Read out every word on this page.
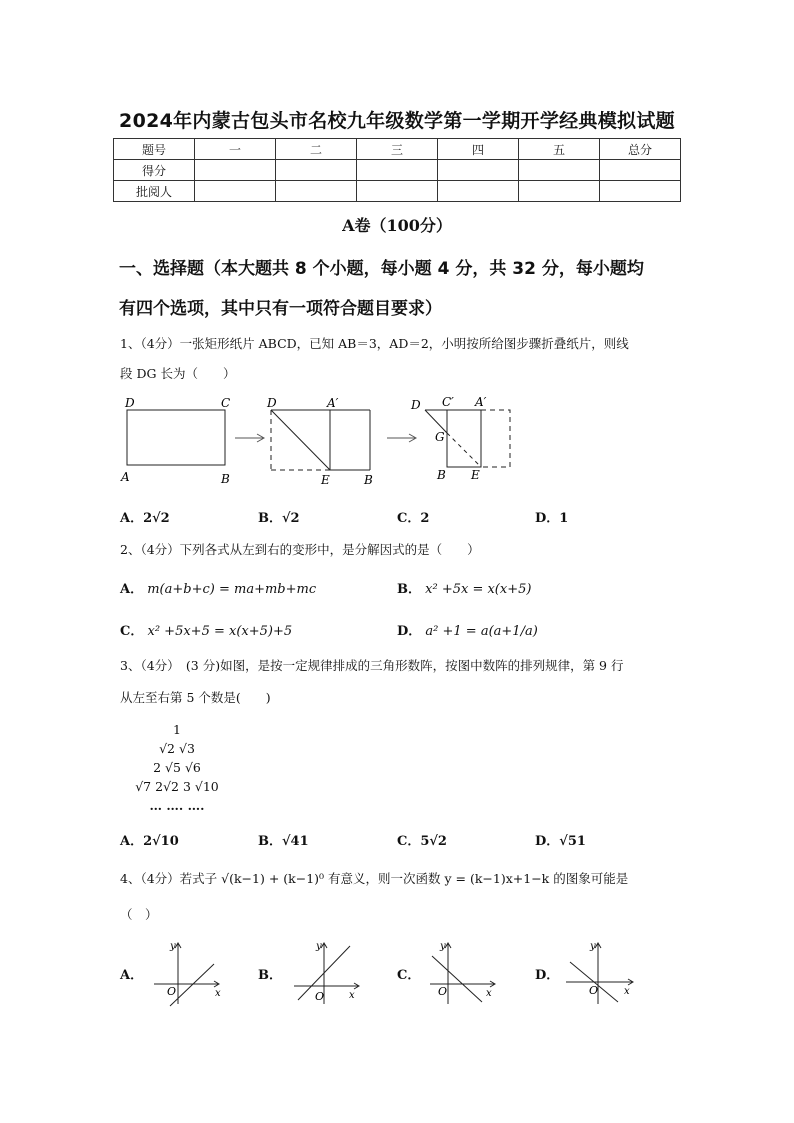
2024年内蒙古包头市名校九年级数学第一学期开学经典模拟试题
题号	一	二	三	四	五	总分
得分						
批阅人						
A卷（100分）
一、选择题（本大题共 8 个小题，每小题 4 分，共 32 分，每小题均
有四个选项，其中只有一项符合题目要求）
1、（4分）一张矩形纸片 ABCD，已知 AB＝3，AD＝2，小明按所给图步骤折叠纸片，则线
段 DG 长为（　　）
D	C
A	B
D	A′
E	B
D C′ A′
G
B E
A．2√2	B．√2	C．2	D．1
2、（4分）下列各式从左到右的变形中，是分解因式的是（　　）
A． m(a+b+c) = ma+mb+mc	B． x² +5x = x(x+5)
C． x² +5x+5 = x(x+5)+5	D． a² +1 = a(a+1/a)
3、（4分）　(3 分)如图，是按一定规律排成的三角形数阵，按图中数阵的排列规律，第 9 行
从左至右第 5 个数是(　　)
1
√2 √3
2 √5 √6
√7 2√2 3 √10
… …. ….
A．2√10	B．√41	C．5√2	D．√51
4、（4分）若式子 √(k−1) + (k−1)⁰ 有意义，则一次函数 y = (k−1)x+1−k 的图象可能是
（　）
A．	B．	C．	D．
y
x
O
y
x
O
y
x
O
y
x
O
